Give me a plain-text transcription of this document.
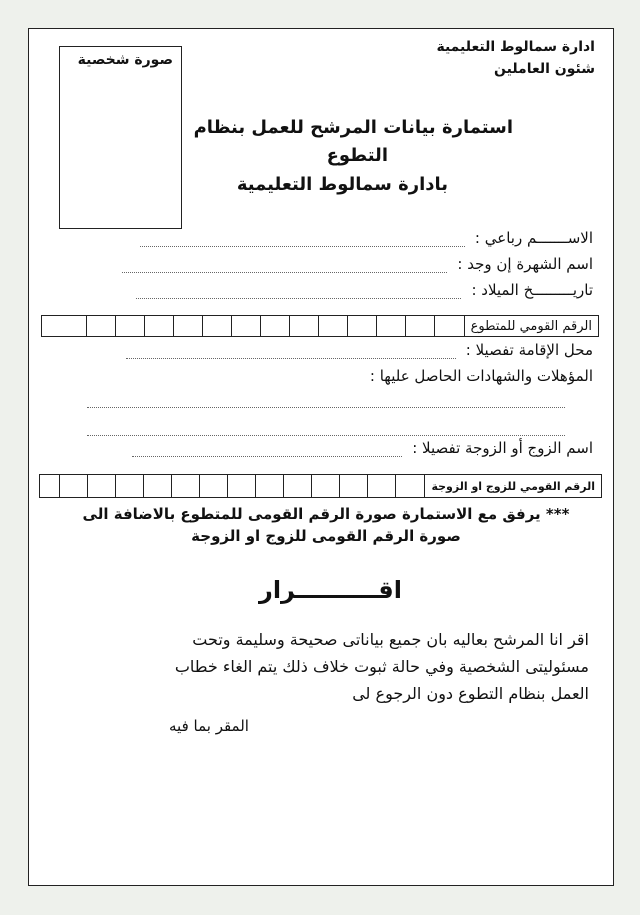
صورة شخصية
ادارة سمالوط التعليمية
شئون العاملين
استمارة بيانات المرشح للعمل بنظام
التطوع
بادارة سمالوط التعليمية
الاســـــــم رباعي :
اسم الشهرة إن وجد :
تاريـــــــــخ الميلاد :
الرقم القومي للمتطوع
محل الإقامة تفصيلا :
المؤهلات والشهادات الحاصل عليها :
اسم الزوج أو الزوجة تفصيلا :
الرقم القومي للزوج او الزوجة
*** يرفق مع الاستمارة صورة الرقم القومى للمتطوع بالاضافة الى
صورة الرقم القومى للزوج او الزوجة
اقــــــــــرار
اقر انا المرشح بعاليه بان جميع بياناتى صحيحة وسليمة وتحت
مسئوليتى الشخصية وفي حالة ثبوت خلاف ذلك يتم الغاء خطاب
العمل بنظام التطوع دون الرجوع لى
المقر بما فيه
